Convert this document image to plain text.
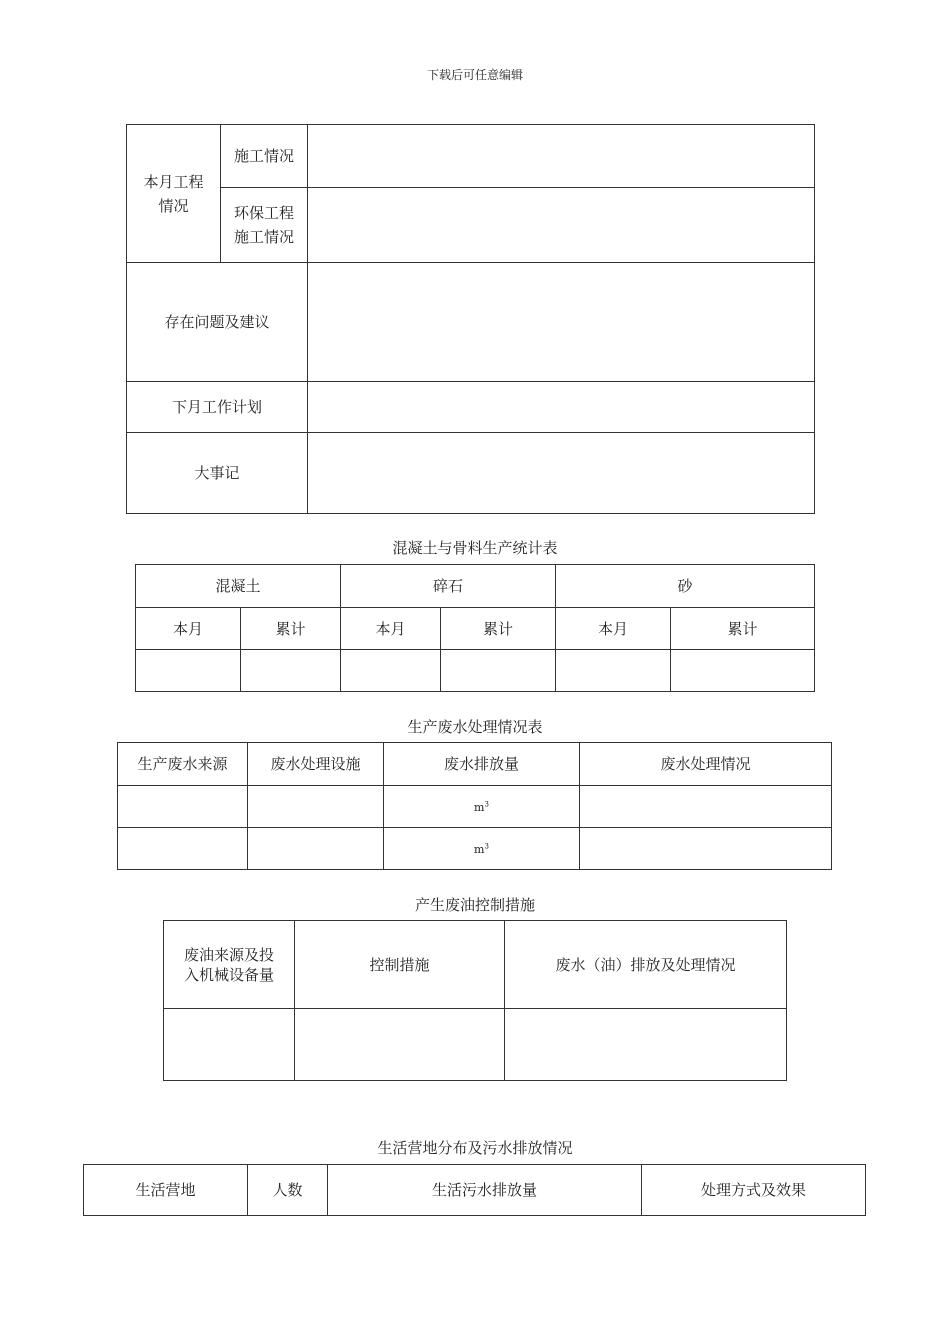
下载后可任意编辑
本月工程情况	施工情况	
	环保工程施工情况	
存在问题及建议		
下月工作计划		
大事记		
混凝土与骨料生产统计表
混凝土		碎石		砂	
本月	累计	本月	累计	本月	累计

生产废水处理情况表
生产废水来源	废水处理设施	废水排放量	废水处理情况
		$m^3$	
		$m^3$	
产生废油控制措施
废油来源及投入机械设备量	控制措施	废水（油）排放及处理情况

生活营地分布及污水排放情况
生活营地	人数	生活污水排放量	处理方式及效果
